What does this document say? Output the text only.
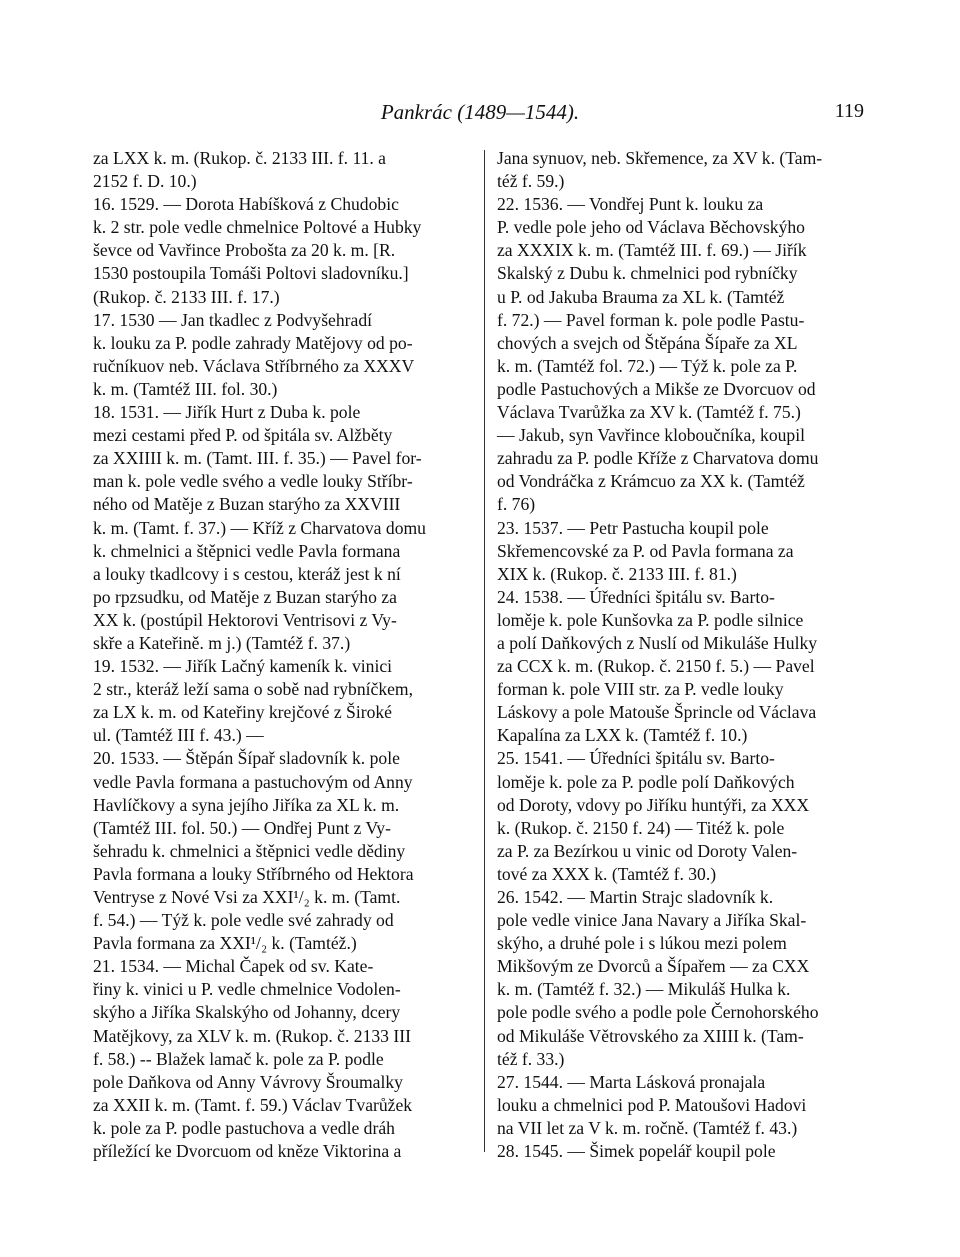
Pankrác (1489—1544).	119
za LXX k. m. (Rukop. č. 2133 III. f. 11. a
2152 f. D. 10.)
16. 1529. — Dorota Habíšková z Chudobic
k. 2 str. pole vedle chmelnice Poltové a Hubky
ševce od Vavřince Proboštа za 20 k. m. [R.
1530 postoupila Tomáši Poltovi sladovníku.]
(Rukop. č. 2133 III. f. 17.)
17. 1530 — Jan tkadlec z Podvyšehradí
k. louku za P. podle zahrady Matějovy od po-
ručníkuov neb. Václava Stříbrného za XXXV
k. m. (Tamtéž III. fol. 30.)
18. 1531. — Jiřík Hurt z Duba k. pole
mezi cestami před P. od špitála sv. Alžběty
za XXIIII k. m. (Tamt. III. f. 35.) — Pavel for-
man k. pole vedle svého a vedle louky Stříbr-
ného od Matěje z Buzan starýho za XXVIII
k. m. (Tamt. f. 37.) — Kříž z Charvatova domu
k. chmelnici a štěpnici vedle Pavla formana
a louky tkadlcovy i s cestou, kteráž jest k ní
po rpzsudku, od Matěje z Buzan starýho za
XX k. (postúpil Hektorovi Ventrisovi z Vy-
skře a Kateřině. m j.) (Tamtéž f. 37.)
19. 1532. — Jiřík Lačný kameník k. vinici
2 str., kteráž leží sama o sobě nad rybníčkem,
za LX k. m. od Kateřiny krejčové z Široké
ul. (Tamtéž III f. 43.) —
20. 1533. — Štěpán Šípař sladovník k. pole
vedle Pavla formana a pastuchovým od Anny
Havlíčkovy a syna jejího Jiříka za XL k. m.
(Tamtéž III. fol. 50.) — Ondřej Punt z Vy-
šehradu k. chmelnici a štěpnici vedle dědiny
Pavla formana a louky Stříbrného od Hektora
Ventryse z Nové Vsi za XXI¹/₂ k. m. (Tamt.
f. 54.) — Týž k. pole vedle své zahrady od
Pavla formana za XXI¹/₂ k. (Tamtéž.)
21. 1534. — Michal Čapek od sv. Kate-
řiny k. vinici u P. vedle chmelnice Vodolen-
skýho a Jiříka Skalskýho od Johanny, dcery
Matějkovy, za XLV k. m. (Rukop. č. 2133 III
f. 58.) -- Blažek lamač k. pole za P. podle
pole Daňkova od Anny Vávrovy Šroumalky
za XXII k. m. (Tamt. f. 59.) Václav Tvarůžek
k. pole za P. podle pastuchova a vedle dráh
příležící ke Dvorcuom od kněze Viktorina a
Jana synuov, neb. Skřemence, za XV k. (Tam-
též f. 59.)
22. 1536. — Vondřej Punt k. louku za
P. vedle pole jeho od Václava Běchovskýho
za XXXIX k. m. (Tamtéž III. f. 69.) — Jiřík
Skalský z Dubu k. chmelnici pod rybníčky
u P. od Jakuba Brauma za XL k. (Tamtéž
f. 72.) — Pavel forman k. pole podle Pastu-
chových a svejch od Štěpána Šípaře za XL
k. m. (Tamtéž fol. 72.) — Týž k. pole za P.
podle Pastuchových a Mikše ze Dvorcuov od
Václava Tvarůžka za XV k. (Tamtéž f. 75.)
— Jakub, syn Vavřince kloboučníka, koupil
zahradu za P. podle Kříže z Charvatova domu
od Vondráčka z Krámcuo za XX k. (Tamtéž
f. 76)
23. 1537. — Petr Pastucha koupil pole
Skřemencovské za P. od Pavla formana za
XIX k. (Rukop. č. 2133 III. f. 81.)
24. 1538. — Úředníci špitálu sv. Barto-
loměje k. pole Kunšovka za P. podle silnice
a polí Daňkových z Nuslí od Mikuláše Hulky
za CCX k. m. (Rukop. č. 2150 f. 5.) — Pavel
forman k. pole VIII str. za P. vedle louky
Láskovy a pole Matouše Šprincle od Václava
Kapalína za LXX k. (Tamtéž f. 10.)
25. 1541. — Úředníci špitálu sv. Barto-
loměje k. pole za P. podle polí Daňkových
od Doroty, vdovy po Jiříku huntýři, za XXX
k. (Rukop. č. 2150 f. 24) — Titéž k. pole
za P. za Bezírkou u vinic od Doroty Valen-
tové za XXX k. (Tamtéž f. 30.)
26. 1542. — Martin Strajc sladovník k.
pole vedle vinice Jana Navary a Jiříka Skal-
skýho, a druhé pole i s lúkou mezi polem
Mikšovým ze Dvorců a Šípařem — za CXX
k. m. (Tamtéž f. 32.) — Mikuláš Hulka k.
pole podle svého a podle pole Černohorského
od Mikuláše Větrovského za XIIII k. (Tam-
též f. 33.)
27. 1544. — Marta Lásková pronajala
louku a chmelnici pod P. Matoušovi Hadovi
na VII let za V k. m. ročně. (Tamtéž f. 43.)
28. 1545. — Šimek popelář koupil pole
